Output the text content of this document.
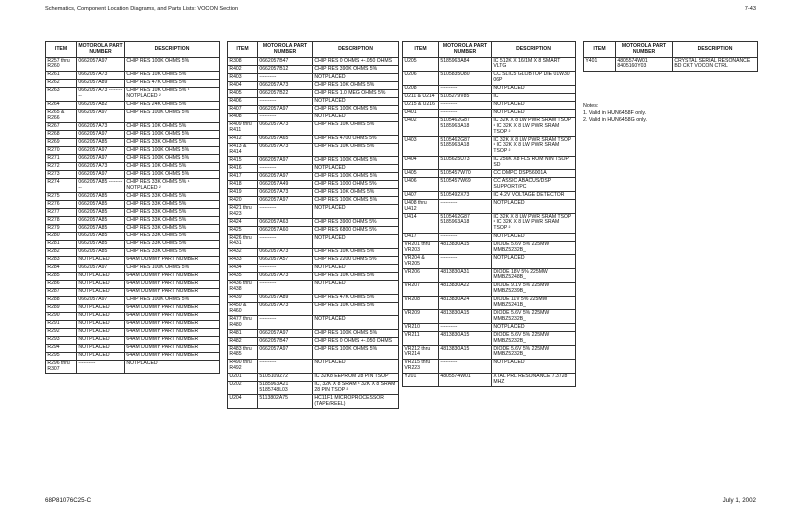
Schematics, Component Location Diagrams, and Parts Lists: VOCON Section	7-43
ITEM	MOTOROLA PART NUMBER	DESCRIPTION
R257 thru R260	0662057A97	CHIP RES 100K OHMS 5%
R261	0662057A73	CHIP RES 10K OHMS 5%
R262	0662057A89	CHIP RES 47K OHMS 5%
R263	0662057A73 ----------	CHIP RES 10K OHMS 5% ¹ NOTPLACED ²
R264	0662057A82	CHIP RES 24K OHMS 5%
R265 & R266	0662057A97	CHIP RES 100K OHMS 5%
R267	0662057A73	CHIP RES 10K OHMS 5%
R268	0662057A97	CHIP RES 100K OHMS 5%
R269	0662057A85	CHIP RES 33K OHMS 5%
R270	0662057A97	CHIP RES 100K OHMS 5%
R271	0662057A97	CHIP RES 100K OHMS 5%
R272	0662057A73	CHIP RES 10K OHMS 5%
R273	0662057A97	CHIP RES 100K OHMS 5%
R274	0662057A85 ----------	CHIP RES 33K OHMS 5% ¹ NOTPLACED ²
R275	0662057A85	CHIP RES 33K OHMS 5%
R276	0662057A85	CHIP RES 33K OHMS 5%
R277	0662057A85	CHIP RES 33K OHMS 5%
R278	0662057A85	CHIP RES 33K OHMS 5%
R279	0662057A85	CHIP RES 33K OHMS 5%
R280	0662057A85	CHIP RES 33K OHMS 5%
R281	0662057A85	CHIP RES 33K OHMS 5%
R282	0662057A85	CHIP RES 33K OHMS 5%
R283	NOTPLACED	64AM DUMMY PART NUMBER
R284	0662057A97	CHIP RES 100K OHMS 5%
R285	NOTPLACED	64AM DUMMY PART NUMBER
R286	NOTPLACED	64AM DUMMY PART NUMBER
R287	NOTPLACED	64AM DUMMY PART NUMBER
R288	0662057A97	CHIP RES 100K OHMS 5%
R289	NOTPLACED	64AM DUMMY PART NUMBER
R290	NOTPLACED	64AM DUMMY PART NUMBER
R291	NOTPLACED	64AM DUMMY PART NUMBER
R292	NOTPLACED	64AM DUMMY PART NUMBER
R293	NOTPLACED	64AM DUMMY PART NUMBER
R294	NOTPLACED	64AM DUMMY PART NUMBER
R295	NOTPLACED	64AM DUMMY PART NUMBER
R296 thru R307	----------	NOTPLACED
ITEM	MOTOROLA PART NUMBER	DESCRIPTION
R308	0662057B47	CHIP RES 0 OHMS +-.050 OHMS
R402	0662057B12	CHIP RES 390K OHMS 5%
R403	----------	NOTPLACED
R404	0662057A73	CHIP RES 10K OHMS 5%
R405	0662057B22	CHIP RES 1.0 MEG OHMS 5%
R406	----------	NOTPLACED
R407	0662057A97	CHIP RES 100K OHMS 5%
R408	----------	NOTPLACED
R409 thru R411	0662057A73	CHIP RES 10K OHMS 5%
R412	0662057A65	CHIP RES 4700 OHMS 5%
R413 & R414	0662057A73	CHIP RES 10K OHMS 5%
R415	0662057A97	CHIP RES 100K OHMS 5%
R416	----------	NOTPLACED
R417	0662057A97	CHIP RES 100K OHMS 5%
R418	0662057A49	CHIP RES 1000 OHMS 5%
R419	0662057A73	CHIP RES 10K OHMS 5%
R420	0662057A97	CHIP RES 100K OHMS 5%
R421 thru R423	----------	NOTPLACED
R424	0662057A63	CHIP RES 3900 OHMS 5%
R425	0662057A60	CHIP RES 6800 OHMS 5%
R426 thru R431	----------	NOTPLACED
R432	0662057A73	CHIP RES 10K OHMS 5%
R433	0662057A57	CHIP RES 2200 OHMS 5%
R434	----------	NOTPLACED
R435	0662057A73	CHIP RES 10K OHMS 5%
R436 thru R438	----------	NOTPLACED
R439	0662057A89	CHIP RES 47K OHMS 5%
R450 & R460	0662057A73	CHIP RES 10K OHMS 5%
R477 thru R480	----------	NOTPLACED
R481	0662057A97	CHIP RES 100K OHMS 5%
R482	0662057B47	CHIP RES 0 OHMS +-.050 OHMS
R483 thru R485	0662057A97	CHIP RES 100K OHMS 5%
R490 thru R492	----------	NOTPLACED
U201	5105109Z72	IC 32K8 EEPROM 28 PIN TSOP
U202	5185963A21 5185748L03	IC, 32K X 8 SRAM ¹ 32K X 8 SRAM 28 PIN TSOP ²
U204	5113802A75	HC11F1 MICROPROCESSOR (TAPE/REEL)
ITEM	MOTOROLA PART NUMBER	DESCRIPTION
U205	5185963A84	IC 512K X 16/1M X 8 SMART VLTG
U206	5105835U80	CC SLIC5 GLOBTOP DIE 01W30 06P
U208	----------	NOTPLACED
U211 & U214	5105279V85	IC
U215 & U216	----------	NOTPLACED
U401	----------	NOTPLACED
U402	5105462G87 5185963A18	IC 32K X 8 LW PWR SRAM TSOP ¹ IC 32K X 8 LW PWR SRAM TSOP ²
U403	5105462G87 5185963A18	IC 32K X 8 LW PWR SRAM TSOP ¹ IC 32K X 8 LW PWR SRAM TSOP ²
U404	5105625U73	IC 256K X8 FLS ROM NIN TSOP SD
U405	5105457W70	CC DMPC DSP56001A
U406	5105457W69	CC ASSIC ABACUS/DSP SUPPORT/PC
U407	5105492X73	IC 4.2V VOLTAGE DETECTOR
U408 thru U412	----------	NOTPLACED
U414	5105462G87 5185963A18	IC 32K X 8 LW PWR SRAM TSOP ¹ IC 32K X 8 LW PWR SRAM TSOP ²
U417	----------	NOTPLACED
VR201 thru VR203	4813830A15	DIODE 5.6V 5% 225MW MMBZ5232B_
VR204 & VR205	----------	NOTPLACED
VR206	4813830A31	DIODE 18V 5% 225MW MMBZ5248B_
VR207	4813830A22	DIODE 9.1V 5% 225MW MMBZ5239B_
VR208	4813830A24	DIODE 11V 5% 225MW MMBZ5241B_
VR209	4813830A15	DIODE 5.6V 5% 225MW MMBZ5232B_
VR210	----------	NOTPLACED
VR211	4813830A15	DIODE 5.6V 5% 225MW MMBZ5232B_
VR212 thru VR214	4813830A15	DIODE 5.6V 5% 225MW MMBZ5232B_
VR215 thru VR223	----------	NOTPLACED
Y201	4805574W01	XTAL PRL RESONANCE 7.3728 MHZ
ITEM	MOTOROLA PART NUMBER	DESCRIPTION
Y401	4805574W01 8405160Y03	CRYSTAL SERIAL RESONANCE BD CKT VOCON CTRL
Notes:
1. Valid in HUN6458F only.
2. Valid in HUN6458G only.
68P81076C25-C	July 1, 2002
